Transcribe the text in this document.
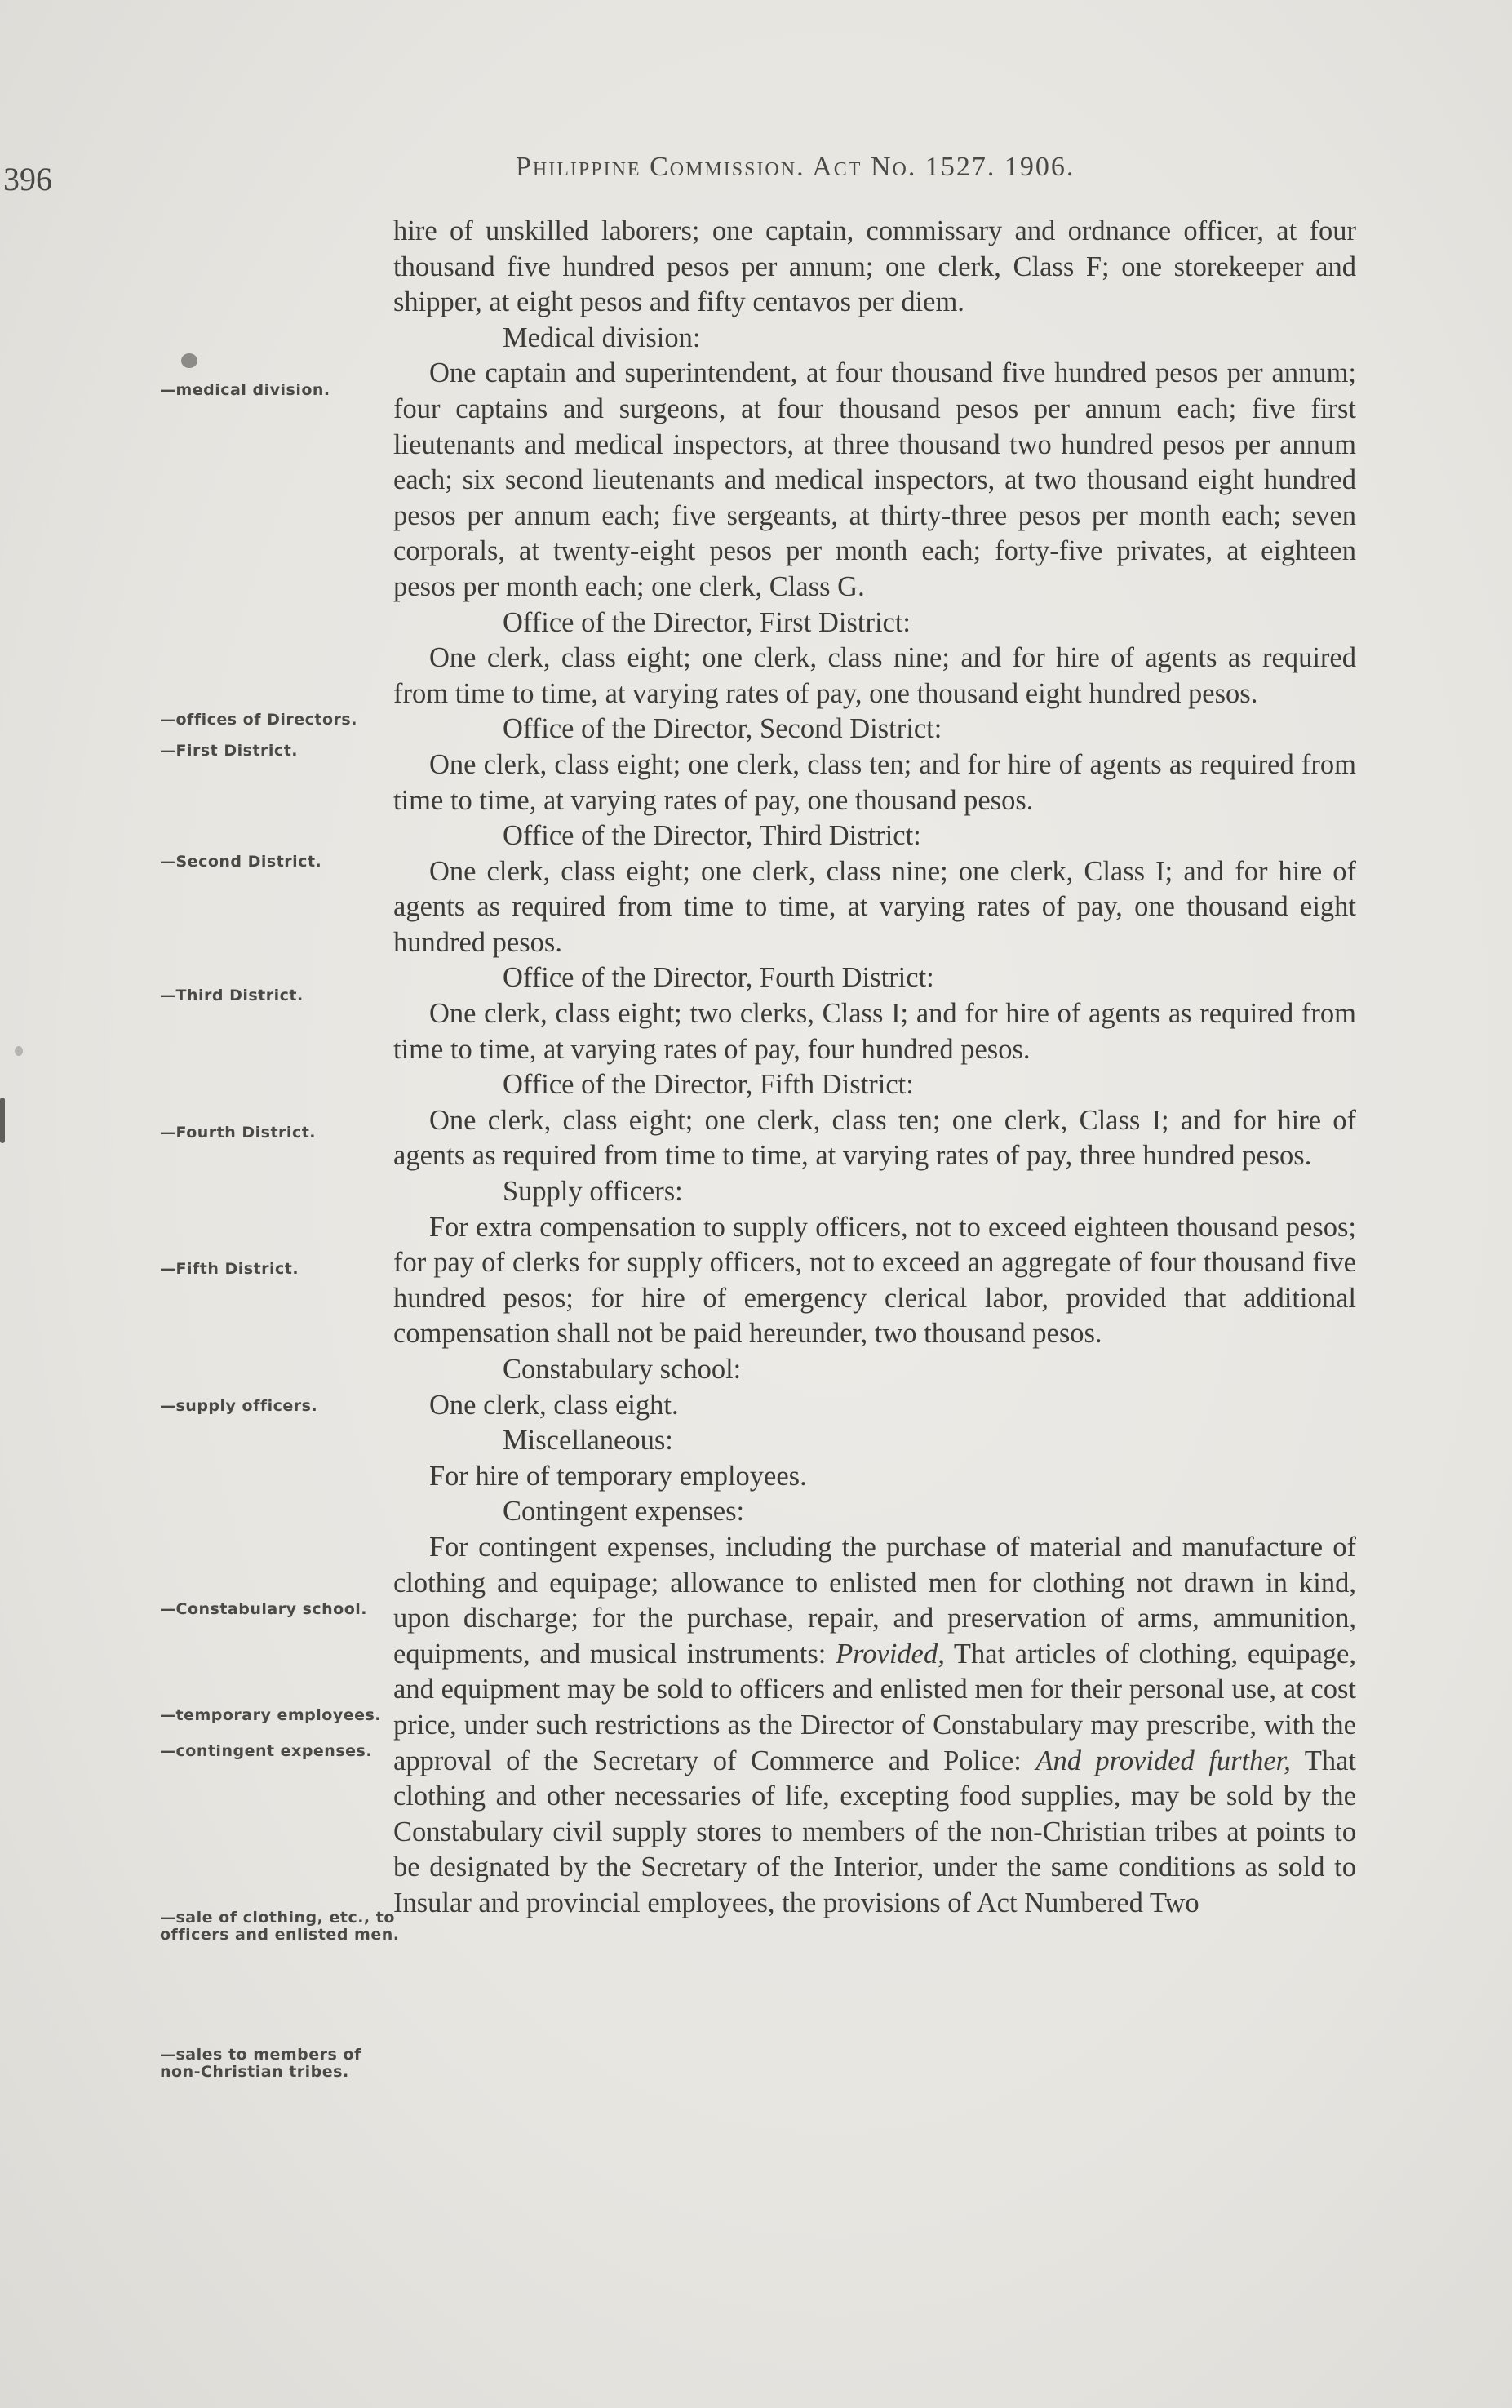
396	Philippine Commission. Act No. 1527. 1906.
—medical division.
—offices of Directors.
—First District.
—Second District.
—Third District.
—Fourth District.
—Fifth District.
—supply officers.
—Constabulary school.
—temporary employees.
—contingent expenses.
—sale of clothing, etc., to officers and enlisted men.
—sales to members of non-Christian tribes.

hire of unskilled laborers; one captain, commissary and ordnance officer, at four thousand five hundred pesos per annum; one clerk, Class F; one storekeeper and shipper, at eight pesos and fifty centavos per diem.

Medical division:

One captain and superintendent, at four thousand five hundred pesos per annum; four captains and surgeons, at four thousand pesos per annum each; five first lieutenants and medical inspectors, at three thousand two hundred pesos per annum each; six second lieutenants and medical inspectors, at two thousand eight hundred pesos per annum each; five sergeants, at thirty-three pesos per month each; seven corporals, at twenty-eight pesos per month each; forty-five privates, at eighteen pesos per month each; one clerk, Class G.

Office of the Director, First District:

One clerk, class eight; one clerk, class nine; and for hire of agents as required from time to time, at varying rates of pay, one thousand eight hundred pesos.

Office of the Director, Second District:

One clerk, class eight; one clerk, class ten; and for hire of agents as required from time to time, at varying rates of pay, one thousand pesos.

Office of the Director, Third District:

One clerk, class eight; one clerk, class nine; one clerk, Class I; and for hire of agents as required from time to time, at varying rates of pay, one thousand eight hundred pesos.

Office of the Director, Fourth District:

One clerk, class eight; two clerks, Class I; and for hire of agents as required from time to time, at varying rates of pay, four hundred pesos.

Office of the Director, Fifth District:

One clerk, class eight; one clerk, class ten; one clerk, Class I; and for hire of agents as required from time to time, at varying rates of pay, three hundred pesos.

Supply officers:

For extra compensation to supply officers, not to exceed eighteen thousand pesos; for pay of clerks for supply officers, not to exceed an aggregate of four thousand five hundred pesos; for hire of emergency clerical labor, provided that additional compensation shall not be paid hereunder, two thousand pesos.

Constabulary school:

One clerk, class eight.

Miscellaneous:

For hire of temporary employees.

Contingent expenses:

For contingent expenses, including the purchase of material and manufacture of clothing and equipage; allowance to enlisted men for clothing not drawn in kind, upon discharge; for the purchase, repair, and preservation of arms, ammunition, equipments, and musical instruments: Provided, That articles of clothing, equipage, and equipment may be sold to officers and enlisted men for their personal use, at cost price, under such restrictions as the Director of Constabulary may prescribe, with the approval of the Secretary of Commerce and Police: And provided further, That clothing and other necessaries of life, excepting food supplies, may be sold by the Constabulary civil supply stores to members of the non-Christian tribes at points to be designated by the Secretary of the Interior, under the same conditions as sold to Insular and provincial employees, the provisions of Act Numbered Two
